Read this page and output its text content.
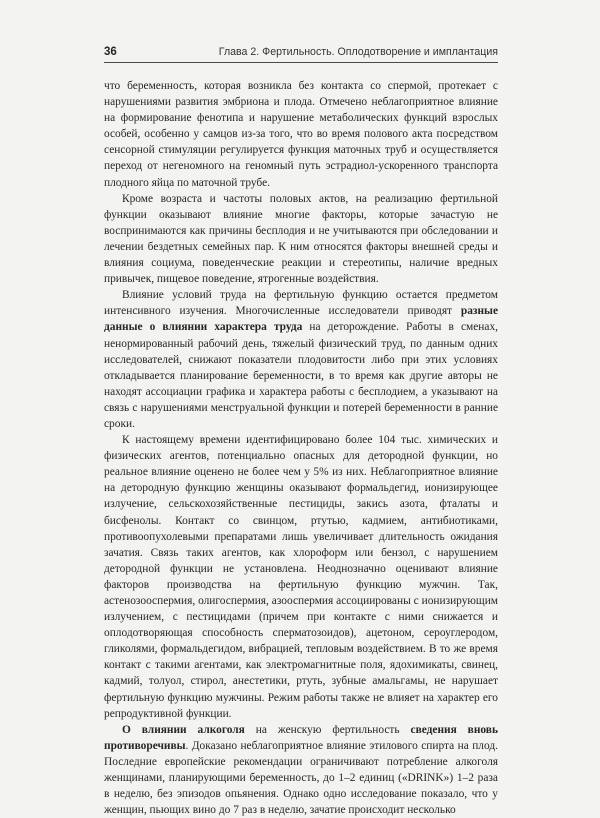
36	Глава 2. Фертильность. Оплодотворение и имплантация

что беременность, которая возникла без контакта со спермой, протекает с нарушениями развития эмбриона и плода. Отмечено неблагоприятное влияние на формирование фенотипа и нарушение метаболических функций взрослых особей, особенно у самцов из-за того, что во время полового акта посредством сенсорной стимуляции регулируется функция маточных труб и осуществляется переход от негеномного на геномный путь эстрадиол-ускоренного транспорта плодного яйца по маточной трубе.

Кроме возраста и частоты половых актов, на реализацию фертильной функции оказывают влияние многие факторы, которые зачастую не воспринимаются как причины бесплодия и не учитываются при обследовании и лечении бездетных семейных пар. К ним относятся факторы внешней среды и влияния социума, поведенческие реакции и стереотипы, наличие вредных привычек, пищевое поведение, ятрогенные воздействия.

Влияние условий труда на фертильную функцию остается предметом интенсивного изучения. Многочисленные исследователи приводят разные данные о влиянии характера труда на деторождение. Работы в сменах, ненормированный рабочий день, тяжелый физический труд, по данным одних исследователей, снижают показатели плодовитости либо при этих условиях откладывается планирование беременности, в то время как другие авторы не находят ассоциации графика и характера работы с бесплодием, а указывают на связь с нарушениями менструальной функции и потерей беременности в ранние сроки.

К настоящему времени идентифицировано более 104 тыс. химических и физических агентов, потенциально опасных для детородной функции, но реальное влияние оценено не более чем у 5% из них. Неблагоприятное влияние на детородную функцию женщины оказывают формальдегид, ионизирующее излучение, сельскохозяйственные пестициды, закись азота, фталаты и бисфенолы. Контакт со свинцом, ртутью, кадмием, антибиотиками, противоопухолевыми препаратами лишь увеличивает длительность ожидания зачатия. Связь таких агентов, как хлороформ или бензол, с нарушением детородной функции не установлена. Неоднозначно оценивают влияние факторов производства на фертильную функцию мужчин. Так, астенозооспермия, олигоспермия, азооспермия ассоциированы с ионизирующим излучением, с пестицидами (причем при контакте с ними снижается и оплодотворяющая способность сперматозоидов), ацетоном, сероуглеродом, гликолями, формальдегидом, вибрацией, тепловым воздействием. В то же время контакт с такими агентами, как электромагнитные поля, ядохимикаты, свинец, кадмий, толуол, стирол, анестетики, ртуть, зубные амальгамы, не нарушает фертильную функцию мужчины. Режим работы также не влияет на характер его репродуктивной функции.

О влиянии алкоголя на женскую фертильность сведения вновь противоречивы. Доказано неблагоприятное влияние этилового спирта на плод. Последние европейские рекомендации ограничивают потребление алкоголя женщинами, планирующими беременность, до 1–2 единиц («DRINK») 1–2 раза в неделю, без эпизодов опьянения. Однако одно исследование показало, что у женщин, пьющих вино до 7 раз в неделю, зачатие происходит несколько
